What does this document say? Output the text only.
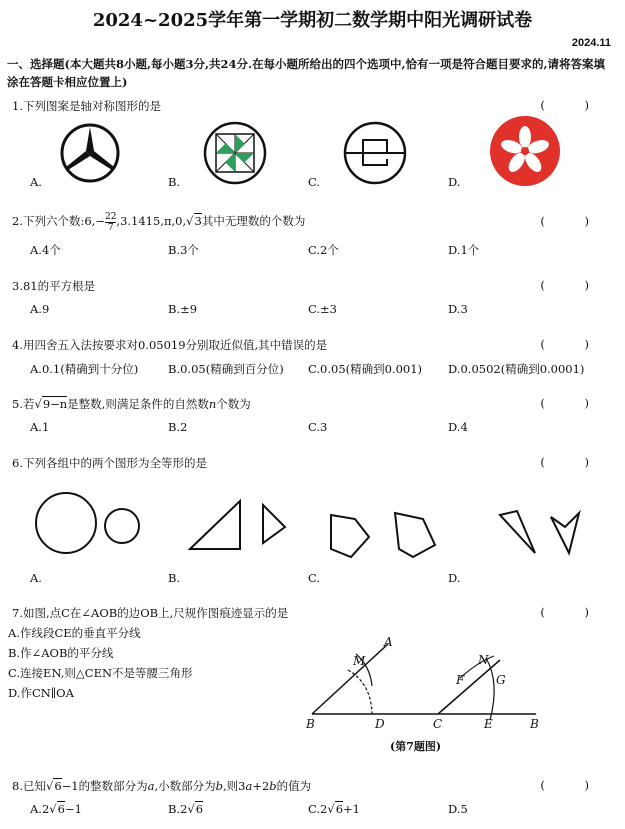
2024~2025学年第一学期初二数学期中阳光调研试卷
2024.11
一、选择题(本大题共8小题,每小题3分,共24分.在每小题所给出的四个选项中,恰有一项是符合题目要求的,请将答案填涂在答题卡相应位置上)
1.下列图案是轴对称图形的是	( )
A.	B.	C.	D.
2.下列六个数:6,− $\frac{22}{7} ,3.1415,\pi,0,√3$其中无理数的个数为	( )
A.4个	B.3个	C.2个	D.1个
3.81的平方根是	( )
A.9	B.±9	C.±3	D.3
4.用四舍五入法按要求对0.05019分别取近似值,其中错误的是	( )
A.0.1(精确到十分位)	B.0.05(精确到百分位) C.0.05(精确到0.001) D.0.0502(精确到0.0001)
5.若√9−n是整数,则满足条件的自然数n个数为	( )
A.1	B.2	C.3	D.4
6.下列各组中的两个图形为全等形的是	( )
A.	B.	C.	D.
7.如图,点C在∠AOB的边OB上,尺规作图痕迹显示的是	( )
A.作线段CE的垂直平分线
B.作∠AOB的平分线
C.连接EN,则△CEN不是等腰三角形
D.作CN∥OA
A
M	N
F	G
B	D	C	E	B
(第7题图)
8.已知√6−1的整数部分为a,小数部分为b,则3a+2b的值为	( )
A.2√6−1	B.2√6	C.2√6+1	D.5
